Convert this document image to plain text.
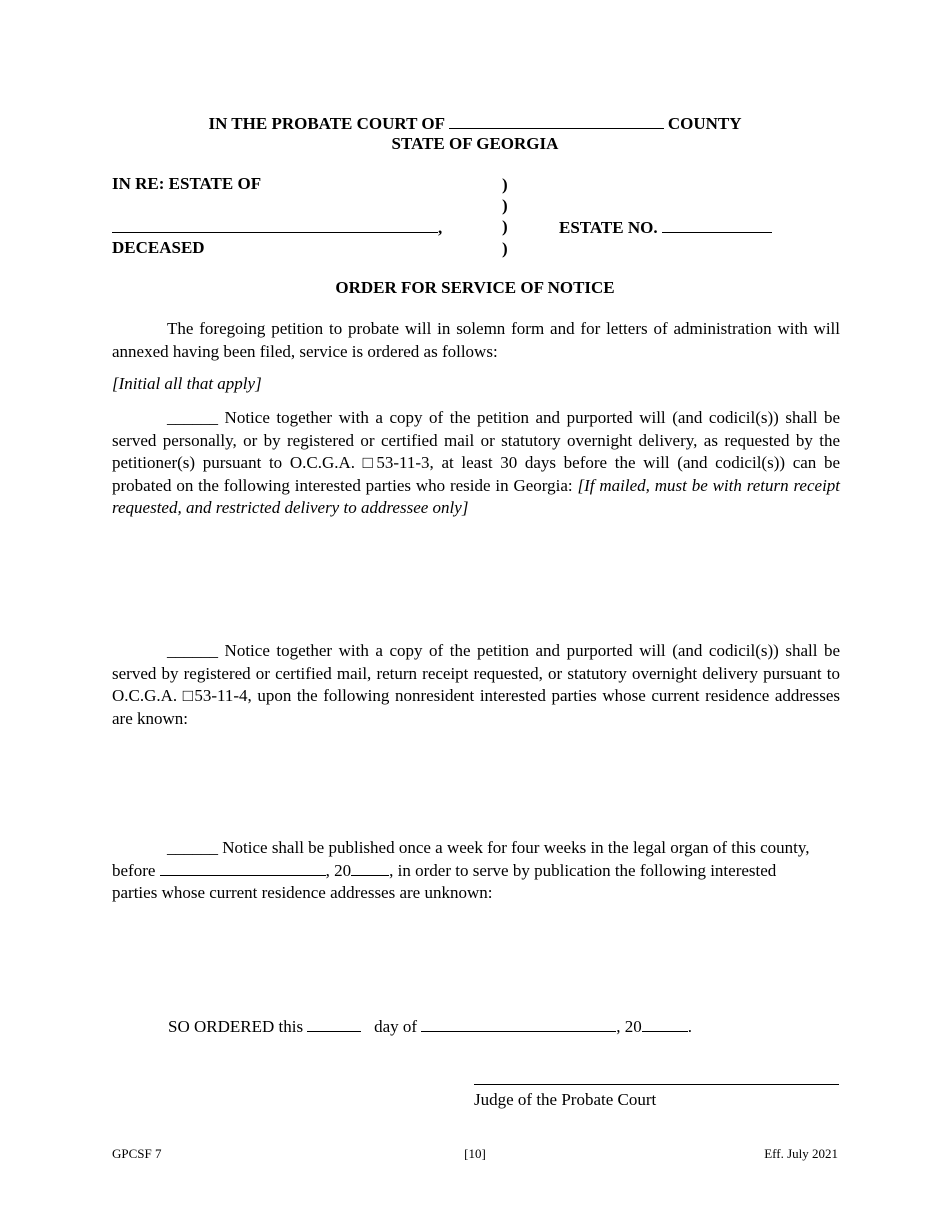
IN THE PROBATE COURT OF	COUNTY
STATE OF GEORGIA
IN RE: ESTATE OF	)
)
)
)
,
DECEASED
ESTATE NO.
ORDER FOR SERVICE OF NOTICE
The foregoing petition to probate will in solemn form and for letters of administration with will annexed having been filed, service is ordered as follows:
[Initial all that apply]
______ Notice together with a copy of the petition and purported will (and codicil(s)) shall be served personally, or by registered or certified mail or statutory overnight delivery, as requested by the petitioner(s) pursuant to O.C.G.A. □53-11-3, at least 30 days before the will (and codicil(s)) can be probated on the following interested parties who reside in Georgia: [If mailed, must be with return receipt requested, and restricted delivery to addressee only]
______ Notice together with a copy of the petition and purported will (and codicil(s)) shall be served by registered or certified mail, return receipt requested, or statutory overnight delivery pursuant to O.C.G.A. □53-11-4, upon the following nonresident interested parties whose current residence addresses are known:
______ Notice shall be published once a week for four weeks in the legal organ of this county, before	, 20 , in order to serve by publication the following interested parties whose current residence addresses are unknown:
SO ORDERED this	day of	, 20	.
Judge of the Probate Court
GPCSF 7	[10]	Eff. July 2021
